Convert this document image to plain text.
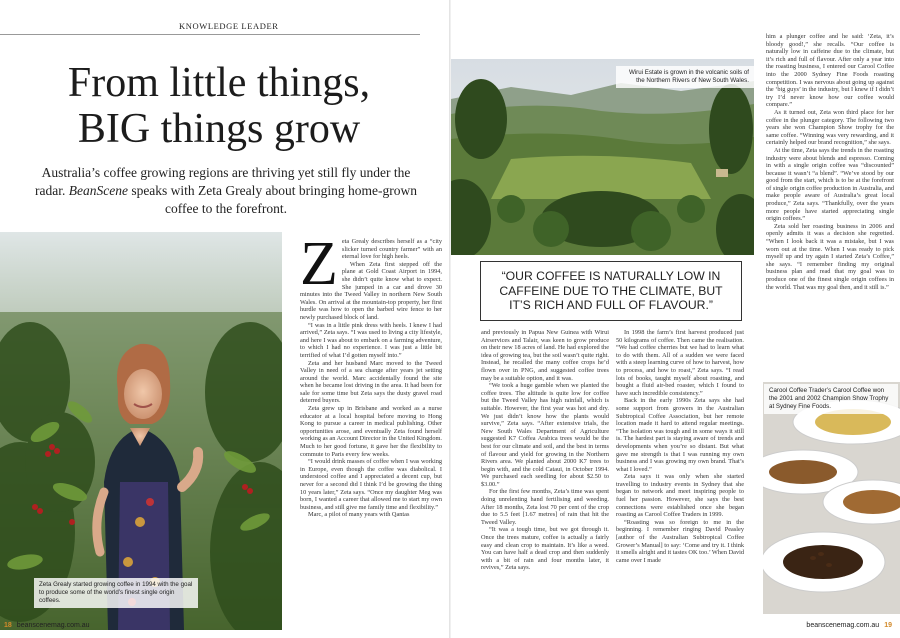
KNOWLEDGE LEADER
From little things,
BIG things grow
Australia’s coffee growing regions are thriving yet still fly under the radar. BeanScene speaks with Zeta Grealy about bringing home-grown coffee to the forefront.
Zeta Grealy started growing coffee in 1994 with the goal to produce some of the world’s finest single origin coffees.
Z eta Grealy describes herself as a “city slicker turned country farmer” with an eternal love for high heels.

When Zeta first stepped off the plane at Gold Coast Airport in 1994, she didn’t quite know what to expect. She jumped in a car and drove 30 minutes into the Tweed Valley in northern New South Wales. On arrival at the mountain-top property, her first hurdle was how to open the barbed wire fence to her newly purchased block of land.

“I was in a little pink dress with heels. I knew I had arrived,” Zeta says. “I was used to living a city lifestyle, and here I was about to embark on a farming adventure, to which I had no experience. I was just a little bit terrified of what I’d gotten myself into.”

Zeta and her husband Marc moved to the Tweed Valley in need of a sea change after years jet setting around the world. Marc accidentally found the site when he became lost driving in the area. It had been for sale for some time but Zeta says the dusty gravel road deterred buyers.

Zeta grew up in Brisbane and worked as a nurse educator at a local hospital before moving to Hong Kong to pursue a career in medical publishing. Other opportunities arose, and eventually Zeta found herself working as an Account Director in the United Kingdom. Much to her good fortune, it gave her the flexibility to commute to Paris every few weeks.

“I would drink masses of coffee when I was working in Europe, even though the coffee was diabolical. I understood coffee and I appreciated a decent cup, but never for a second did I think I’d be growing the thing 10 years later,” Zeta says. “Once my daughter Meg was born, I wanted a career that allowed me to start my own business, and still give me family time and flexibility.”

Marc, a pilot of many years with Qantas

18 beanscenemag.com.au
Wirui Estate is grown in the volcanic soils of the Northern Rivers of New South Wales.
“OUR COFFEE IS NATURALLY LOW IN CAFFEINE DUE TO THE CLIMATE, BUT IT’S RICH AND FULL OF FLAVOUR.”

and previously in Papua New Guinea with Wirui Airservices and Talair, was keen to grow produce on their new 18 acres of land. He had explored the idea of growing tea, but the soil wasn’t quite right. Instead, he recalled the many coffee crops he’d flown over in PNG, and suggested coffee trees may be a suitable option, and it was.

“We took a huge gamble when we planted the coffee trees. The altitude is quite low for coffee but the Tweed Valley has high rainfall, which is suitable. However, the first year was hot and dry. We just didn’t know how the plants would survive,” Zeta says. “After extensive trials, the New South Wales Department of Agriculture suggested K7 Coffea Arabica trees would be the best for our climate and soil, and the best in terms of flavour and yield for growing in the Northern Rivers area. We planted about 2000 K7 trees to begin with, and the cold Cataui, in October 1994. We purchased each seedling for about $2.50 to $3.00.”

For the first few months, Zeta’s time was spent doing unrelenting hand fertilising and weeding. After 18 months, Zeta lost 70 per cent of the crop due to 5.5 feet [1.67 metres] of rain that hit the Tweed Valley.

“It was a tough time, but we got through it. Once the trees mature, coffee is actually a fairly easy and clean crop to maintain. It’s like a weed. You can have half a dead crop and then suddenly with a bit of rain and four months later, it revives,” Zeta says.

In 1998 the farm’s first harvest produced just 50 kilograms of coffee. Then came the realisation. “We had coffee cherries but we had to learn what to do with them. All of a sudden we were faced with a steep learning curve of how to harvest, how to process, and how to roast,” Zeta says. “I read lots of books, taught myself about roasting, and bought a fluid air-bed roaster, which I found to have such incredible consistency.”

Back in the early 1990s Zeta says she had some support from growers in the Australian Subtropical Coffee Association, but her remote location made it hard to attend regular meetings. “The isolation was tough and in some ways it still is. The hardest part is staying aware of trends and developments when you’re so distant. But what gave me strength is that I was running my own business and I was growing my own brand. That’s what I loved.”

Zeta says it was only when she started travelling to industry events in Sydney that she began to network and meet inspiring people to fuel her passion. However, she says the best connections were established once she began roasting as Carool Coffee Traders in 1999.

“Roasting was so foreign to me in the beginning. I remember ringing David Peasley [author of the Australian Subtropical Coffee Grower’s Manual] to say: ‘Come and try it. I think it smells alright and it tastes OK too.’ When David came over I made

him a plunger coffee and he said: ‘Zeta, it’s bloody good!,” she recalls. “Our coffee is naturally low in caffeine due to the climate, but it’s rich and full of flavour. After only a year into the roasting business, I entered our Carool Coffee into the 2000 Sydney Fine Foods roasting competition. I was nervous about going up against the ‘big guys’ in the industry, but I knew if I didn’t try I’d never know how our coffee would compare.”

As it turned out, Zeta won third place for her coffee in the plunger category. The following two years she won Champion Show trophy for the same coffee. “Winning was very rewarding, and it certainly helped our brand recognition,” she says.

At the time, Zeta says the trends in the roasting industry were about blends and espresso. Coming in with a single origin coffee was “discounted” because it wasn’t “a blend”. “We’ve stood by our good from the start, which is to be at the forefront of single origin coffee production in Australia, and make people aware of Australia’s great local produce,” Zeta says. “Thankfully, over the years more people have started appreciating single origin coffees.”

Zeta sold her roasting business in 2006 and openly admits it was a decision she regretted. “When I look back it was a mistake, but I was worn out at the time. When I was ready to pick myself up and try again I started Zeta’s Coffee,” she says. “I remember finding my original business plan and read that my goal was to produce one of the finest single origin coffees in the world. That was my goal then, and it still is.”

Carool Coffee Trader’s Carool Coffee won the 2001 and 2002 Champion Show Trophy at Sydney Fine Foods.
beanscenemag.com.au 19
